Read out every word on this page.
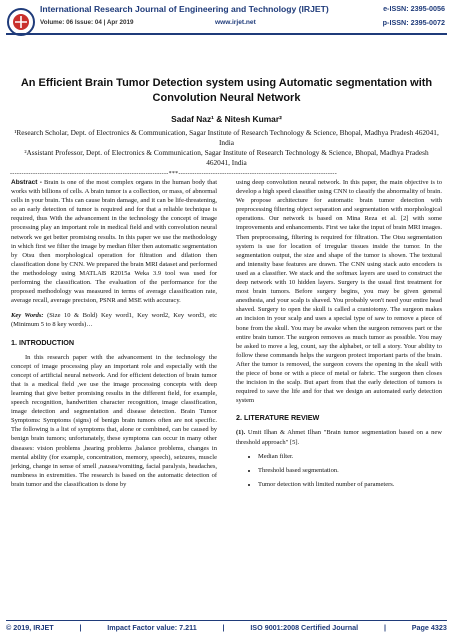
International Research Journal of Engineering and Technology (IRJET)	e-ISSN: 2395-0056
Volume: 06 Issue: 04 | Apr 2019	www.irjet.net	p-ISSN: 2395-0072
An Efficient Brain Tumor Detection system using Automatic segmentation with Convolution Neural Network
Sadaf Naz¹ & Nitesh Kumar²
¹Research Scholar, Dept. of Electronics & Communication, Sagar Institute of Research Technology & Science, Bhopal, Madhya Pradesh 462041, India
²Assistant Professor, Dept. of Electronics & Communication, Sagar Institute of Research Technology & Science, Bhopal, Madhya Pradesh 462041, India
---------------------------------------------------------------------***---------------------------------------------------------------------

Abstract - Brain is one of the most complex organs in the human body that works with billions of cells. A brain tumor is a collection, or mass, of abnormal cells in your brain. This can cause brain damage, and it can be life-threatening, so an early detection of tumor is required and for that a reliable technique is required, thus With the advancement in the technology the concept of image processing play an important role in medical field and with convolution neural network we get better promising results. In this paper we use the methodology in which first we filter the image by median filter then automatic segmentation by Otsu then morphological operation for filtration and dilation then classification done by CNN. We prepared the brain MRI dataset and performed the methodology using MATLAB R2015a Weka 3.9 tool was used for performing the classification. The evaluation of the performance for the proposed methodology was measured in terms of average classification rate, average recall, average precision, PSNR and MSE with accuracy.

Key Words: (Size 10 & Bold) Key word1, Key word2, Key word3, etc (Minimum 5 to 8 key words)…

1. INTRODUCTION

In this research paper with the advancement in the technology the concept of image processing play an important role and especially with the concept of artificial neural network. And for efficient detection of brain tumor that is a medical field ,we use the image processing concepts with deep learning that give better promising results in the different field, for example, speech recognition, handwritten character recognition, image classification, image detection and segmentation and disease detection. Brain Tumor Symptoms: Symptoms (signs) of benign brain tumors often are not specific. The following is a list of symptoms that, alone or combined, can be caused by benign brain tumors; unfortunately, these symptoms can occur in many other diseases: vision problems ,hearing problems ,balance problems, changes in mental ability (for example, concentration, memory, speech), seizures, muscle jerking, change in sense of smell ,nausea/vomiting, facial paralysis, headaches, numbness in extremities. The research is based on the automatic detection of brain tumor and the classification is done by

using deep convolution neural network. In this paper, the main objective is to develop a high speed classifier using CNN to classify the abnormality of brain. We propose architecture for automatic brain tumor detection with preprocessing filtering object separation and segmentation with morphological operations. Our network is based on Mina Reza et al. [2] with some improvements and enhancements. First we take the input of brain MRI images. Then preprocessing, filtering is required for filtration. The Otsu segmentation system is use for location of irregular tissues inside the tumor. In the segmentation output, the size and shape of the tumor is shown. The textural and intensity base features are drawn. The CNN using stack auto encoders is used as a classifier. We stack and the softmax layers are used to construct the deep network with 10 hidden layers. Surgery is the usual first treatment for most brain tumors. Before surgery begins, you may be given general anesthesia, and your scalp is shaved. You probably won't need your entire head shaved. Surgery to open the skull is called a craniotomy. The surgeon makes an incision in your scalp and uses a special type of saw to remove a piece of bone from the skull. You may be awake when the surgeon removes part or the entire brain tumor. The surgeon removes as much tumor as possible. You may be asked to move a leg, count, say the alphabet, or tell a story. Your ability to follow these commands helps the surgeon protect important parts of the brain. After the tumor is removed, the surgeon covers the opening in the skull with the piece of bone or with a piece of metal or fabric. The surgeon then closes the incision in the scalp. But apart from that the early detection of tumors is required to save the life and for that we design an automated early detection system

2. LITERATURE REVIEW

(1). Umit Ilhan & Ahmet Ilhan "Brain tumor segmentation based on a new threshold approach" [5].

• Median filter.
• Threshold based segmentation.
• Tumor detection with limited number of parameters.
© 2019, IRJET	|	Impact Factor value: 7.211	|	ISO 9001:2008 Certified Journal	|	Page 4323
